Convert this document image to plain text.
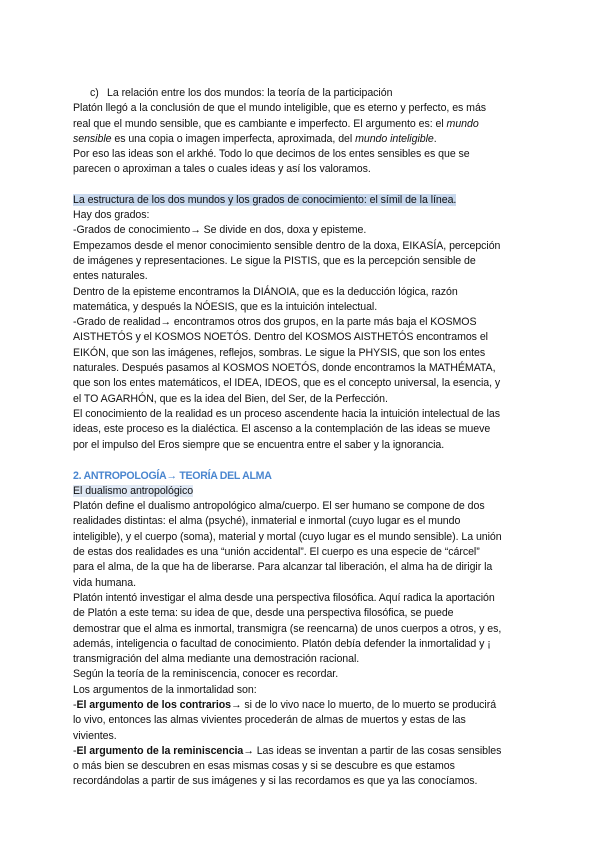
c) La relación entre los dos mundos: la teoría de la participación
Platón llegó a la conclusión de que el mundo inteligible, que es eterno y perfecto, es más
real que el mundo sensible, que es cambiante e imperfecto. El argumento es: el mundo
sensible es una copia o imagen imperfecta, aproximada, del mundo inteligible.
Por eso las ideas son el arkhé. Todo lo que decimos de los entes sensibles es que se
parecen o aproximan a tales o cuales ideas y así los valoramos.
La estructura de los dos mundos y los grados de conocimiento: el símil de la línea.
Hay dos grados:
-Grados de conocimiento→ Se divide en dos, doxa y episteme.
Empezamos desde el menor conocimiento sensible dentro de la doxa, EIKASÍA, percepción
de imágenes y representaciones. Le sigue la PISTIS, que es la percepción sensible de
entes naturales.
Dentro de la episteme encontramos la DIÁNOIA, que es la deducción lógica, razón
matemática, y después la NÓESIS, que es la intuición intelectual.
-Grado de realidad→ encontramos otros dos grupos, en la parte más baja el KOSMOS
AISTHETÓS y el KOSMOS NOETÓS. Dentro del KOSMOS AISTHETÓS encontramos el
EIKÓN, que son las imágenes, reflejos, sombras. Le sigue la PHYSIS, que son los entes
naturales. Después pasamos al KOSMOS NOETÓS, donde encontramos la MATHÉMATA,
que son los entes matemáticos, el IDEA, IDEOS, que es el concepto universal, la esencia, y
el TO AGARHÓN, que es la idea del Bien, del Ser, de la Perfección.
El conocimiento de la realidad es un proceso ascendente hacia la intuición intelectual de las
ideas, este proceso es la dialéctica. El ascenso a la contemplación de las ideas se mueve
por el impulso del Eros siempre que se encuentra entre el saber y la ignorancia.
2. ANTROPOLOGÍA→ TEORÍA DEL ALMA
El dualismo antropológico
Platón define el dualismo antropológico alma/cuerpo. El ser humano se compone de dos
realidades distintas: el alma (psyché), inmaterial e inmortal (cuyo lugar es el mundo
inteligible), y el cuerpo (soma), material y mortal (cuyo lugar es el mundo sensible). La unión
de estas dos realidades es una “unión accidental”. El cuerpo es una especie de “cárcel”
para el alma, de la que ha de liberarse. Para alcanzar tal liberación, el alma ha de dirigir la
vida humana.
Platón intentó investigar el alma desde una perspectiva filosófica. Aquí radica la aportación
de Platón a este tema: su idea de que, desde una perspectiva filosófica, se puede
demostrar que el alma es inmortal, transmigra (se reencarna) de unos cuerpos a otros, y es,
además, inteligencia o facultad de conocimiento. Platón debía defender la inmortalidad y ¡
transmigración del alma mediante una demostración racional.
Según la teoría de la reminiscencia, conocer es recordar.
Los argumentos de la inmortalidad son:
-El argumento de los contrarios→ si de lo vivo nace lo muerto, de lo muerto se producirá
lo vivo, entonces las almas vivientes procederán de almas de muertos y estas de las
vivientes.
-El argumento de la reminiscencia→ Las ideas se inventan a partir de las cosas sensibles
o más bien se descubren en esas mismas cosas y si se descubre es que estamos
recordándolas a partir de sus imágenes y si las recordamos es que ya las conocíamos.
